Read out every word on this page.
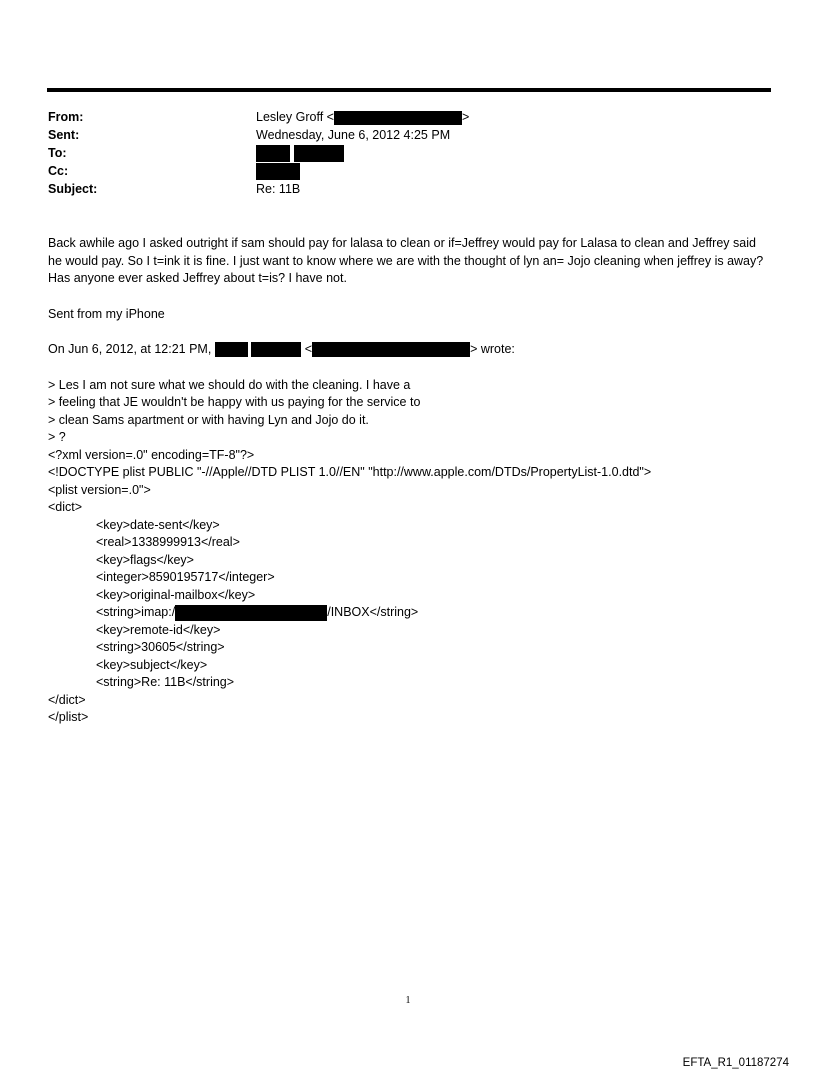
From:	Lesley Groff <	>
Sent:	Wednesday, June 6, 2012 4:25 PM
To:
Cc:
Subject:	Re: 11B

Back awhile ago I asked outright if sam should pay for lalasa to clean or if=Jeffrey would pay for Lalasa to clean and Jeffrey said he would pay. So I t=ink it is fine. I just want to know where we are with the thought of lyn an= Jojo cleaning when jeffrey is away? Has anyone ever asked Jeffrey about t=is? I have not.

Sent from my iPhone

On Jun 6, 2012, at 12:21 PM,	<	> wrote:

> Les I am not sure what we should do with the cleaning. I have a
> feeling that JE wouldn't be happy with us paying for the service to
> clean Sams apartment or with having Lyn and Jojo do it.
> ?
<?xml version=.0" encoding=TF-8"?>
<!DOCTYPE plist PUBLIC "-//Apple//DTD PLIST 1.0//EN" "http://www.apple.com/DTDs/PropertyList-1.0.dtd">
<plist version=.0">
<dict>
<key>date-sent</key>
<real>1338999913</real>
<key>flags</key>
<integer>8590195717</integer>
<key>original-mailbox</key>
<string>imap:/	/INBOX</string>
<key>remote-id</key>
<string>30605</string>
<key>subject</key>
<string>Re: 11B</string>
</dict>
</plist>
1
EFTA_R1_01187274
